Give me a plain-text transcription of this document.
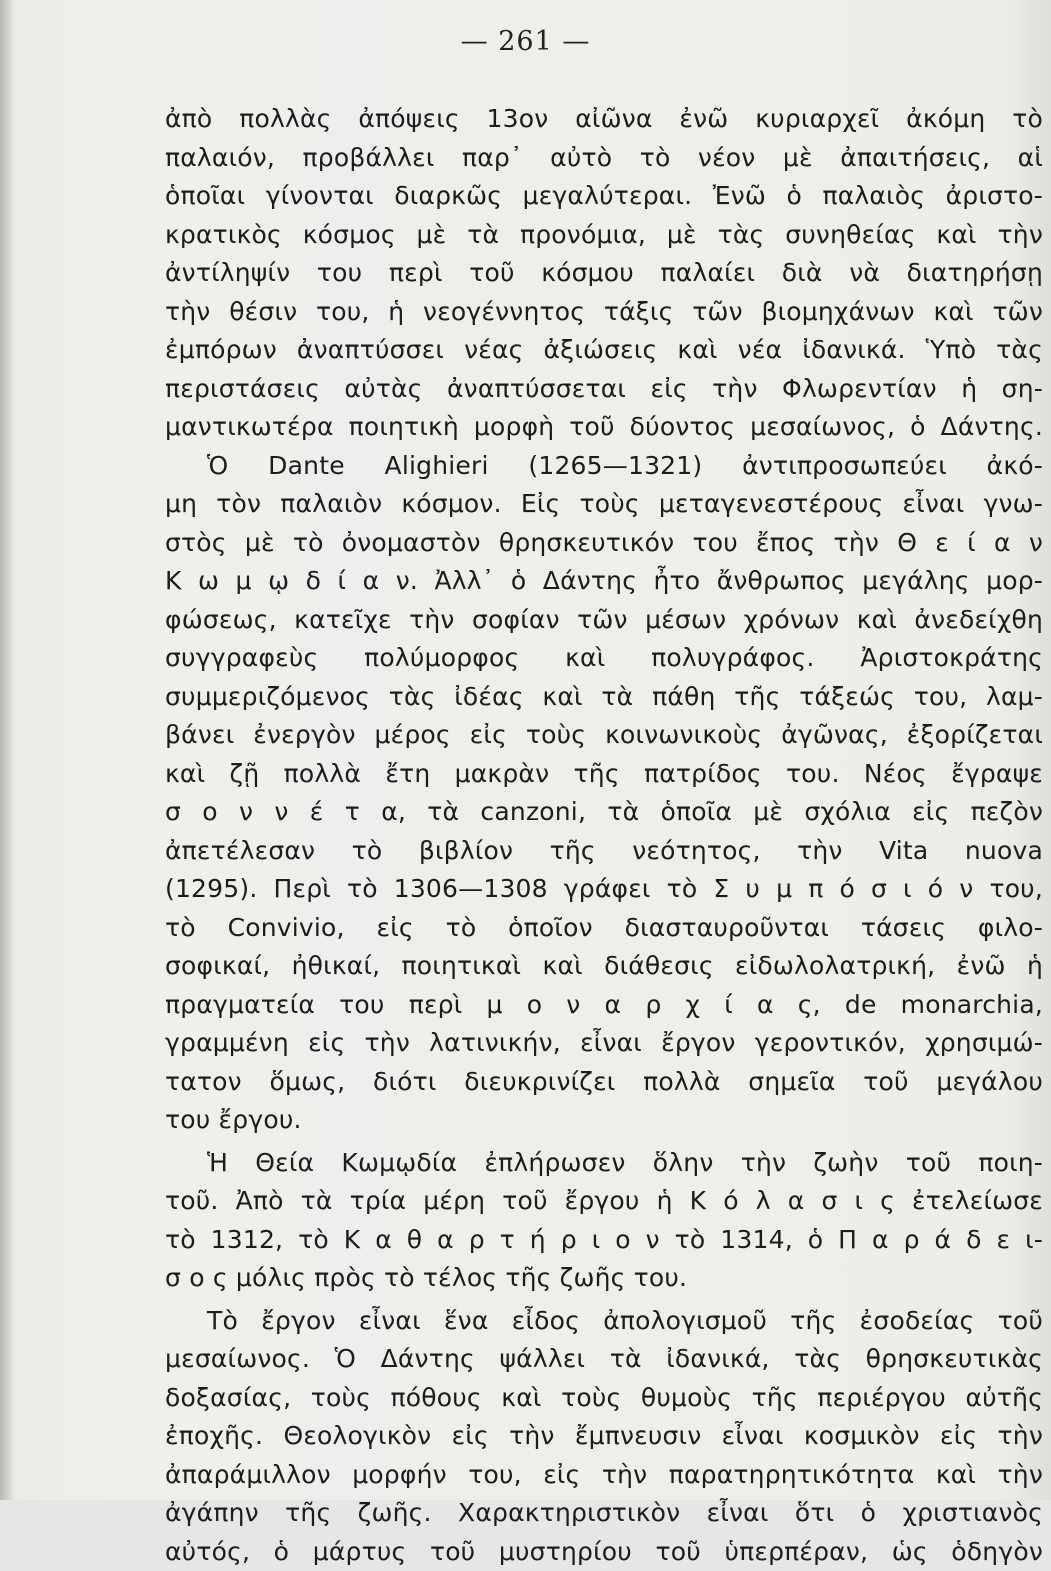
— 261 —
ἀπὸ πολλὰς ἀπόψεις 13ον αἰῶνα ἐνῶ κυριαρχεῖ ἀκόμη τὸ
παλαιόν, προβάλλει παρ᾿ αὐτὸ τὸ νέον μὲ ἀπαιτήσεις, αἱ
ὁποῖαι γίνονται διαρκῶς μεγαλύτεραι. Ἐνῶ ὁ παλαιὸς ἀριστο-
κρατικὸς κόσμος μὲ τὰ προνόμια, μὲ τὰς συνηθείας καὶ τὴν
ἀντίληψίν του περὶ τοῦ κόσμου παλαίει διὰ νὰ διατηρήσῃ
τὴν θέσιν του, ἡ νεογέννητος τάξις τῶν βιομηχάνων καὶ τῶν
ἐμπόρων ἀναπτύσσει νέας ἀξιώσεις καὶ νέα ἰδανικά. Ὑπὸ τὰς
περιστάσεις αὐτὰς ἀναπτύσσεται εἰς τὴν Φλωρεντίαν ἡ ση-
μαντικωτέρα ποιητικὴ μορφὴ τοῦ δύοντος μεσαίωνος, ὁ Δάντης.
Ὁ Dante Alighieri (1265—1321) ἀντιπροσωπεύει ἀκό-
μη τὸν παλαιὸν κόσμον. Εἰς τοὺς μεταγενεστέρους εἶναι γνω-
στὸς μὲ τὸ ὀνομαστὸν θρησκευτικόν του ἔπος τὴν Θ ε ί α ν
Κ ω μ ῳ δ ί α ν. Ἀλλ᾿ ὁ Δάντης ἦτο ἄνθρωπος μεγάλης μορ-
φώσεως, κατεῖχε τὴν σοφίαν τῶν μέσων χρόνων καὶ ἀνεδείχθη
συγγραφεὺς πολύμορφος καὶ πολυγράφος. Ἀριστοκράτης
συμμεριζόμενος τὰς ἰδέας καὶ τὰ πάθη τῆς τάξεώς του, λαμ-
βάνει ἐνεργὸν μέρος εἰς τοὺς κοινωνικοὺς ἀγῶνας, ἐξορίζεται
καὶ ζῇ πολλὰ ἔτη μακρὰν τῆς πατρίδος του. Νέος ἔγραψε
σ ο ν ν έ τ α, τὰ canzoni, τὰ ὁποῖα μὲ σχόλια εἰς πεζὸν
ἀπετέλεσαν τὸ βιβλίον τῆς νεότητος, τὴν Vita nuova
(1295). Περὶ τὸ 1306—1308 γράφει τὸ Σ υ μ π ό σ ι ό ν του,
τὸ Convivio, εἰς τὸ ὁποῖον διασταυροῦνται τάσεις φιλο-
σοφικαί, ἠθικαί, ποιητικαὶ καὶ διάθεσις εἰδωλολατρική, ἐνῶ ἡ
πραγματεία του περὶ μ ο ν α ρ χ ί α ς, de monarchia,
γραμμένη εἰς τὴν λατινικήν, εἶναι ἔργον γεροντικόν, χρησιμώ-
τατον ὅμως, διότι διευκρινίζει πολλὰ σημεῖα τοῦ μεγάλου
του ἔργου.
Ἡ Θεία Κωμῳδία ἐπλήρωσεν ὅλην τὴν ζωὴν τοῦ ποιη-
τοῦ. Ἀπὸ τὰ τρία μέρη τοῦ ἔργου ἡ Κ ό λ α σ ι ς ἐτελείωσε
τὸ 1312, τὸ Κ α θ α ρ τ ή ρ ι ο ν τὸ 1314, ὁ Π α ρ ά δ ε ι-
σ ο ς μόλις πρὸς τὸ τέλος τῆς ζωῆς του.
Τὸ ἔργον εἶναι ἕνα εἶδος ἀπολογισμοῦ τῆς ἐσοδείας τοῦ
μεσαίωνος. Ὁ Δάντης ψάλλει τὰ ἰδανικά, τὰς θρησκευτικὰς
δοξασίας, τοὺς πόθους καὶ τοὺς θυμοὺς τῆς περιέργου αὐτῆς
ἐποχῆς. Θεολογικὸν εἰς τὴν ἔμπνευσιν εἶναι κοσμικὸν εἰς τὴν
ἀπαράμιλλον μορφήν του, εἰς τὴν παρατηρητικότητα καὶ τὴν
ἀγάπην τῆς ζωῆς. Χαρακτηριστικὸν εἶναι ὅτι ὁ χριστιανὸς
αὐτός, ὁ μάρτυς τοῦ μυστηρίου τοῦ ὑπερπέραν, ὡς ὁδηγὸν
